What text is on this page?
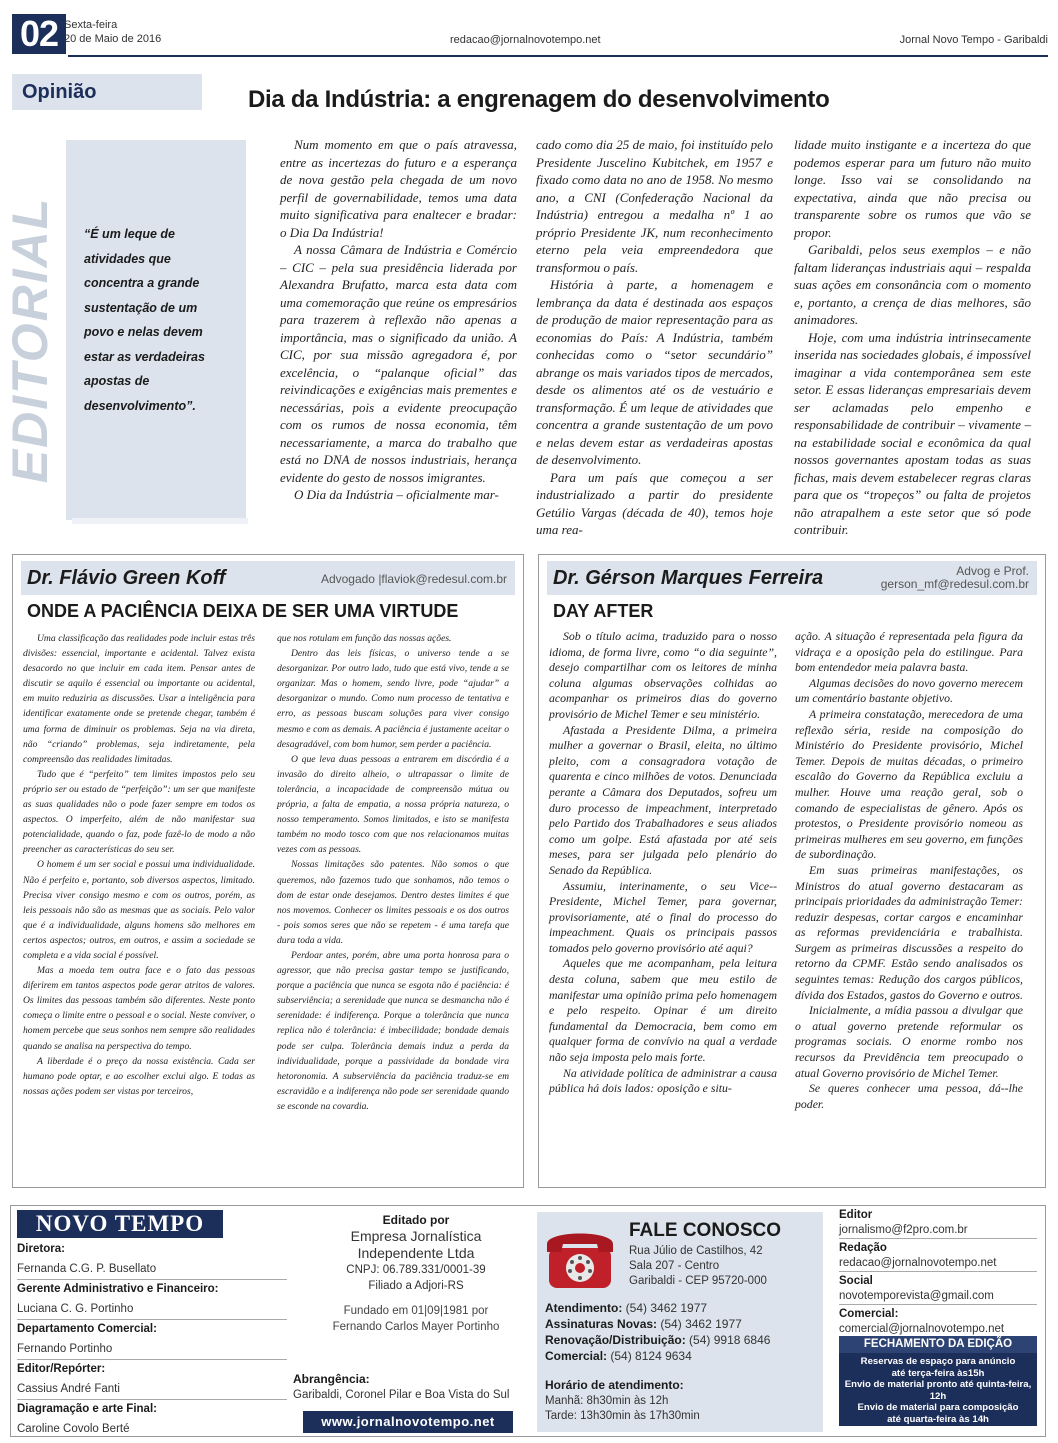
02 Sexta-feira
20 de Maio de 2016	redacao@jornalnovotempo.net	Jornal Novo Tempo - Garibaldi
Opinião	Dia da Indústria: a engrenagem do desenvolvimento
EDITORIAL “É um leque de atividades que concentra a grande sustentação de um povo e nelas devem estar as verdadeiras apostas de desenvolvimento”.

Num momento em que o país atravessa, entre as incertezas do futuro e a esperança de nova gestão pela chegada de um novo perfil de governabilidade, temos uma data muito significativa para enaltecer e bradar: o Dia Da Indústria!

A nossa Câmara de Indústria e Comércio – CIC – pela sua presidência liderada por Alexandra Brufatto, marca esta data com uma comemoração que reúne os empresários para trazerem à reflexão não apenas a importância, mas o significado da união. A CIC, por sua missão agregadora é, por excelência, o “palanque oficial” das reivindicações e exigências mais prementes e necessárias, pois a evidente preocupação com os rumos de nossa economia, têm necessariamente, a marca do trabalho que está no DNA de nossos industriais, herança evidente do gesto de nossos imigrantes.

O Dia da Indústria – oficialmente mar-

cado como dia 25 de maio, foi instituído pelo Presidente Juscelino Kubitchek, em 1957 e fixado como data no ano de 1958. No mesmo ano, a CNI (Confederação Nacional da Indústria) entregou a medalha nº 1 ao próprio Presidente JK, num reconhecimento eterno pela veia empreendedora que transformou o país.

História à parte, a homenagem e lembrança da data é destinada aos espaços de produção de maior representação para as economias do País: A Indústria, também conhecidas como o “setor secundário” abrange os mais variados tipos de mercados, desde os alimentos até os de vestuário e transformação. É um leque de atividades que concentra a grande sustentação de um povo e nelas devem estar as verdadeiras apostas de desenvolvimento.

Para um país que começou a ser industrializado a partir do presidente Getúlio Vargas (década de 40), temos hoje uma rea-

lidade muito instigante e a incerteza do que podemos esperar para um futuro não muito longe. Isso vai se consolidando na expectativa, ainda que não precisa ou transparente sobre os rumos que vão se propor.

Garibaldi, pelos seus exemplos – e não faltam lideranças industriais aqui – respalda suas ações em consonância com o momento e, portanto, a crença de dias melhores, são animadores.

Hoje, com uma indústria intrinsecamente inserida nas sociedades globais, é impossível imaginar a vida contemporânea sem este setor. E essas lideranças empresariais devem ser aclamadas pelo empenho e responsabilidade de contribuir – vivamente – na estabilidade social e econômica da qual nossos governantes apostam todas as suas fichas, mais devem estabelecer regras claras para que os “tropeços” ou falta de projetos não atrapalhem a este setor que só pode contribuir.

Dr. Flávio Green Koff	Advogado |flaviok@redesul.com.br
ONDE A PACIÊNCIA DEIXA DE SER UMA VIRTUDE

Uma classificação das realidades pode incluir estas três divisões: essencial, importante e acidental. Talvez exista desacordo no que incluir em cada item. Pensar antes de discutir se aquilo é essencial ou importante ou acidental, em muito reduziria as discussões. Usar a inteligência para identificar exatamente onde se pretende chegar, também é uma forma de diminuir os problemas. Seja na via direta, não “criando” problemas, seja indiretamente, pela compreensão das realidades limitadas.

Tudo que é “perfeito” tem limites impostos pelo seu próprio ser ou estado de “perfeição”: um ser que manifeste as suas qualidades não o pode fazer sempre em todos os aspectos. O imperfeito, além de não manifestar sua potencialidade, quando o faz, pode fazê-lo de modo a não preencher as características do seu ser.

O homem é um ser social e possui uma individualidade. Não é perfeito e, portanto, sob diversos aspectos, limitado. Precisa viver consigo mesmo e com os outros, porém, as leis pessoais não são as mesmas que as sociais. Pelo valor que é a individualidade, alguns homens são melhores em certos aspectos; outros, em outros, e assim a sociedade se completa e a vida social é possível.

Mas a moeda tem outra face e o fato das pessoas diferirem em tantos aspectos pode gerar atritos de valores. Os limites das pessoas também são diferentes. Neste ponto começa o limite entre o pessoal e o social. Neste conviver, o homem percebe que seus sonhos nem sempre são realidades quando se analisa na perspectiva do tempo.

A liberdade é o preço da nossa existência. Cada ser humano pode optar, e ao escolher exclui algo. E todas as nossas ações podem ser vistas por terceiros,

que nos rotulam em função das nossas ações.

Dentro das leis físicas, o universo tende a se desorganizar. Por outro lado, tudo que está vivo, tende a se organizar. Mas o homem, sendo livre, pode “ajudar” a desorganizar o mundo. Como num processo de tentativa e erro, as pessoas buscam soluções para viver consigo mesmo e com as demais. A paciência é justamente aceitar o desagradável, com bom humor, sem perder a paciência.

O que leva duas pessoas a entrarem em discórdia é a invasão do direito alheio, o ultrapassar o limite de tolerância, a incapacidade de compreensão mútua ou própria, a falta de empatia, a nossa própria natureza, o nosso temperamento. Somos limitados, e isto se manifesta também no modo tosco com que nos relacionamos muitas vezes com as pessoas.

Nossas limitações são patentes. Não somos o que queremos, não fazemos tudo que sonhamos, não temos o dom de estar onde desejamos. Dentro destes limites é que nos movemos. Conhecer os limites pessoais e os dos outros - pois somos seres que não se repetem - é uma tarefa que dura toda a vida.

Perdoar antes, porém, abre uma porta honrosa para o agressor, que não precisa gastar tempo se justificando, porque a paciência que nunca se esgota não é paciência: é subserviência; a serenidade que nunca se desmancha não é serenidade: é indiferença. Porque a tolerância que nunca replica não é tolerância: é imbecilidade; bondade demais pode ser culpa. Tolerância demais induz a perda da individualidade, porque a passividade da bondade vira hetoronomia. A subserviência da paciência traduz-se em escravidão e a indiferença não pode ser serenidade quando se esconde na covardia.

Dr. Gérson Marques Ferreira	Advog e Prof.
gerson_mf@redesul.com.br
DAY AFTER

Sob o título acima, traduzido para o nosso idioma, de forma livre, como “o dia seguinte”, desejo compartilhar com os leitores de minha coluna algumas observações colhidas ao acompanhar os primeiros dias do governo provisório de Michel Temer e seu ministério.

Afastada a Presidente Dilma, a primeira mulher a governar o Brasil, eleita, no último pleito, com a consagradora votação de quarenta e cinco milhões de votos. Denunciada perante a Câmara dos Deputados, sofreu um duro processo de impeachment, interpretado pelo Partido dos Trabalhadores e seus aliados como um golpe. Está afastada por até seis meses, para ser julgada pelo plenário do Senado da República.

Assumiu, interinamente, o seu Vice--Presidente, Michel Temer, para governar, provisoriamente, até o final do processo do impeachment. Quais os principais passos tomados pelo governo provisório até aqui?

Aqueles que me acompanham, pela leitura desta coluna, sabem que meu estilo de manifestar uma opinião prima pelo homenagem e pelo respeito. Opinar é um direito fundamental da Democracia, bem como em qualquer forma de convívio na qual a verdade não seja imposta pelo mais forte.

Na atividade política de administrar a causa pública há dois lados: oposição e situ-

ação. A situação é representada pela figura da vidraça e a oposição pela do estilingue. Para bom entendedor meia palavra basta.

Algumas decisões do novo governo merecem um comentário bastante objetivo.

A primeira constatação, merecedora de uma reflexão séria, reside na composição do Ministério do Presidente provisório, Michel Temer. Depois de muitas décadas, o primeiro escalão do Governo da República excluiu a mulher. Houve uma reação geral, sob o comando de especialistas de gênero. Após os protestos, o Presidente provisório nomeou as primeiras mulheres em seu governo, em funções de subordinação.

Em suas primeiras manifestações, os Ministros do atual governo destacaram as principais prioridades da administração Temer: reduzir despesas, cortar cargos e encaminhar as reformas previdenciária e trabalhista. Surgem as primeiras discussões a respeito do retorno da CPMF. Estão sendo analisados os seguintes temas: Redução dos cargos públicos, dívida dos Estados, gastos do Governo e outros.

Inicialmente, a mídia passou a divulgar que o atual governo pretende reformular os programas sociais. O enorme rombo nos recursos da Previdência tem preocupado o atual Governo provisório de Michel Temer.

Se queres conhecer uma pessoa, dá--lhe poder.

NOVO TEMPO
Diretora:
Fernanda C.G. P. Busellato
Gerente Administrativo e Financeiro:
Luciana C. G. Portinho
Departamento Comercial:
Fernando Portinho
Editor/Repórter:
Cassius André Fanti
Diagramação e arte Final:
Caroline Covolo Berté
Editado por
Empresa Jornalística
Independente Ltda
CNPJ: 06.789.331/0001-39
Filiado a Adjori-RS
Fundado em 01|09|1981 por
Fernando Carlos Mayer Portinho
Abrangência:
Garibaldi, Coronel Pilar e Boa Vista do Sul
www.jornalnovotempo.net
FALE CONOSCO
Rua Júlio de Castilhos, 42
Sala 207 - Centro
Garibaldi - CEP 95720-000
Atendimento: (54) 3462 1977
Assinaturas Novas: (54) 3462 1977
Renovação/Distribuição: (54) 9918 6846
Comercial: (54) 8124 9634
Horário de atendimento:
Manhã: 8h30min às 12h
Tarde: 13h30min às 17h30min
Editor
jornalismo@f2pro.com.br
Redação
redacao@jornalnovotempo.net
Social
novotemporevista@gmail.com
Comercial:
comercial@jornalnovotempo.net
FECHAMENTO DA EDIÇÃO
Reservas de espaço para anúncio
até terça-feira às15h
Envio de material pronto até quinta-feira, 12h
Envio de material para composição
até quarta-feira às 14h
